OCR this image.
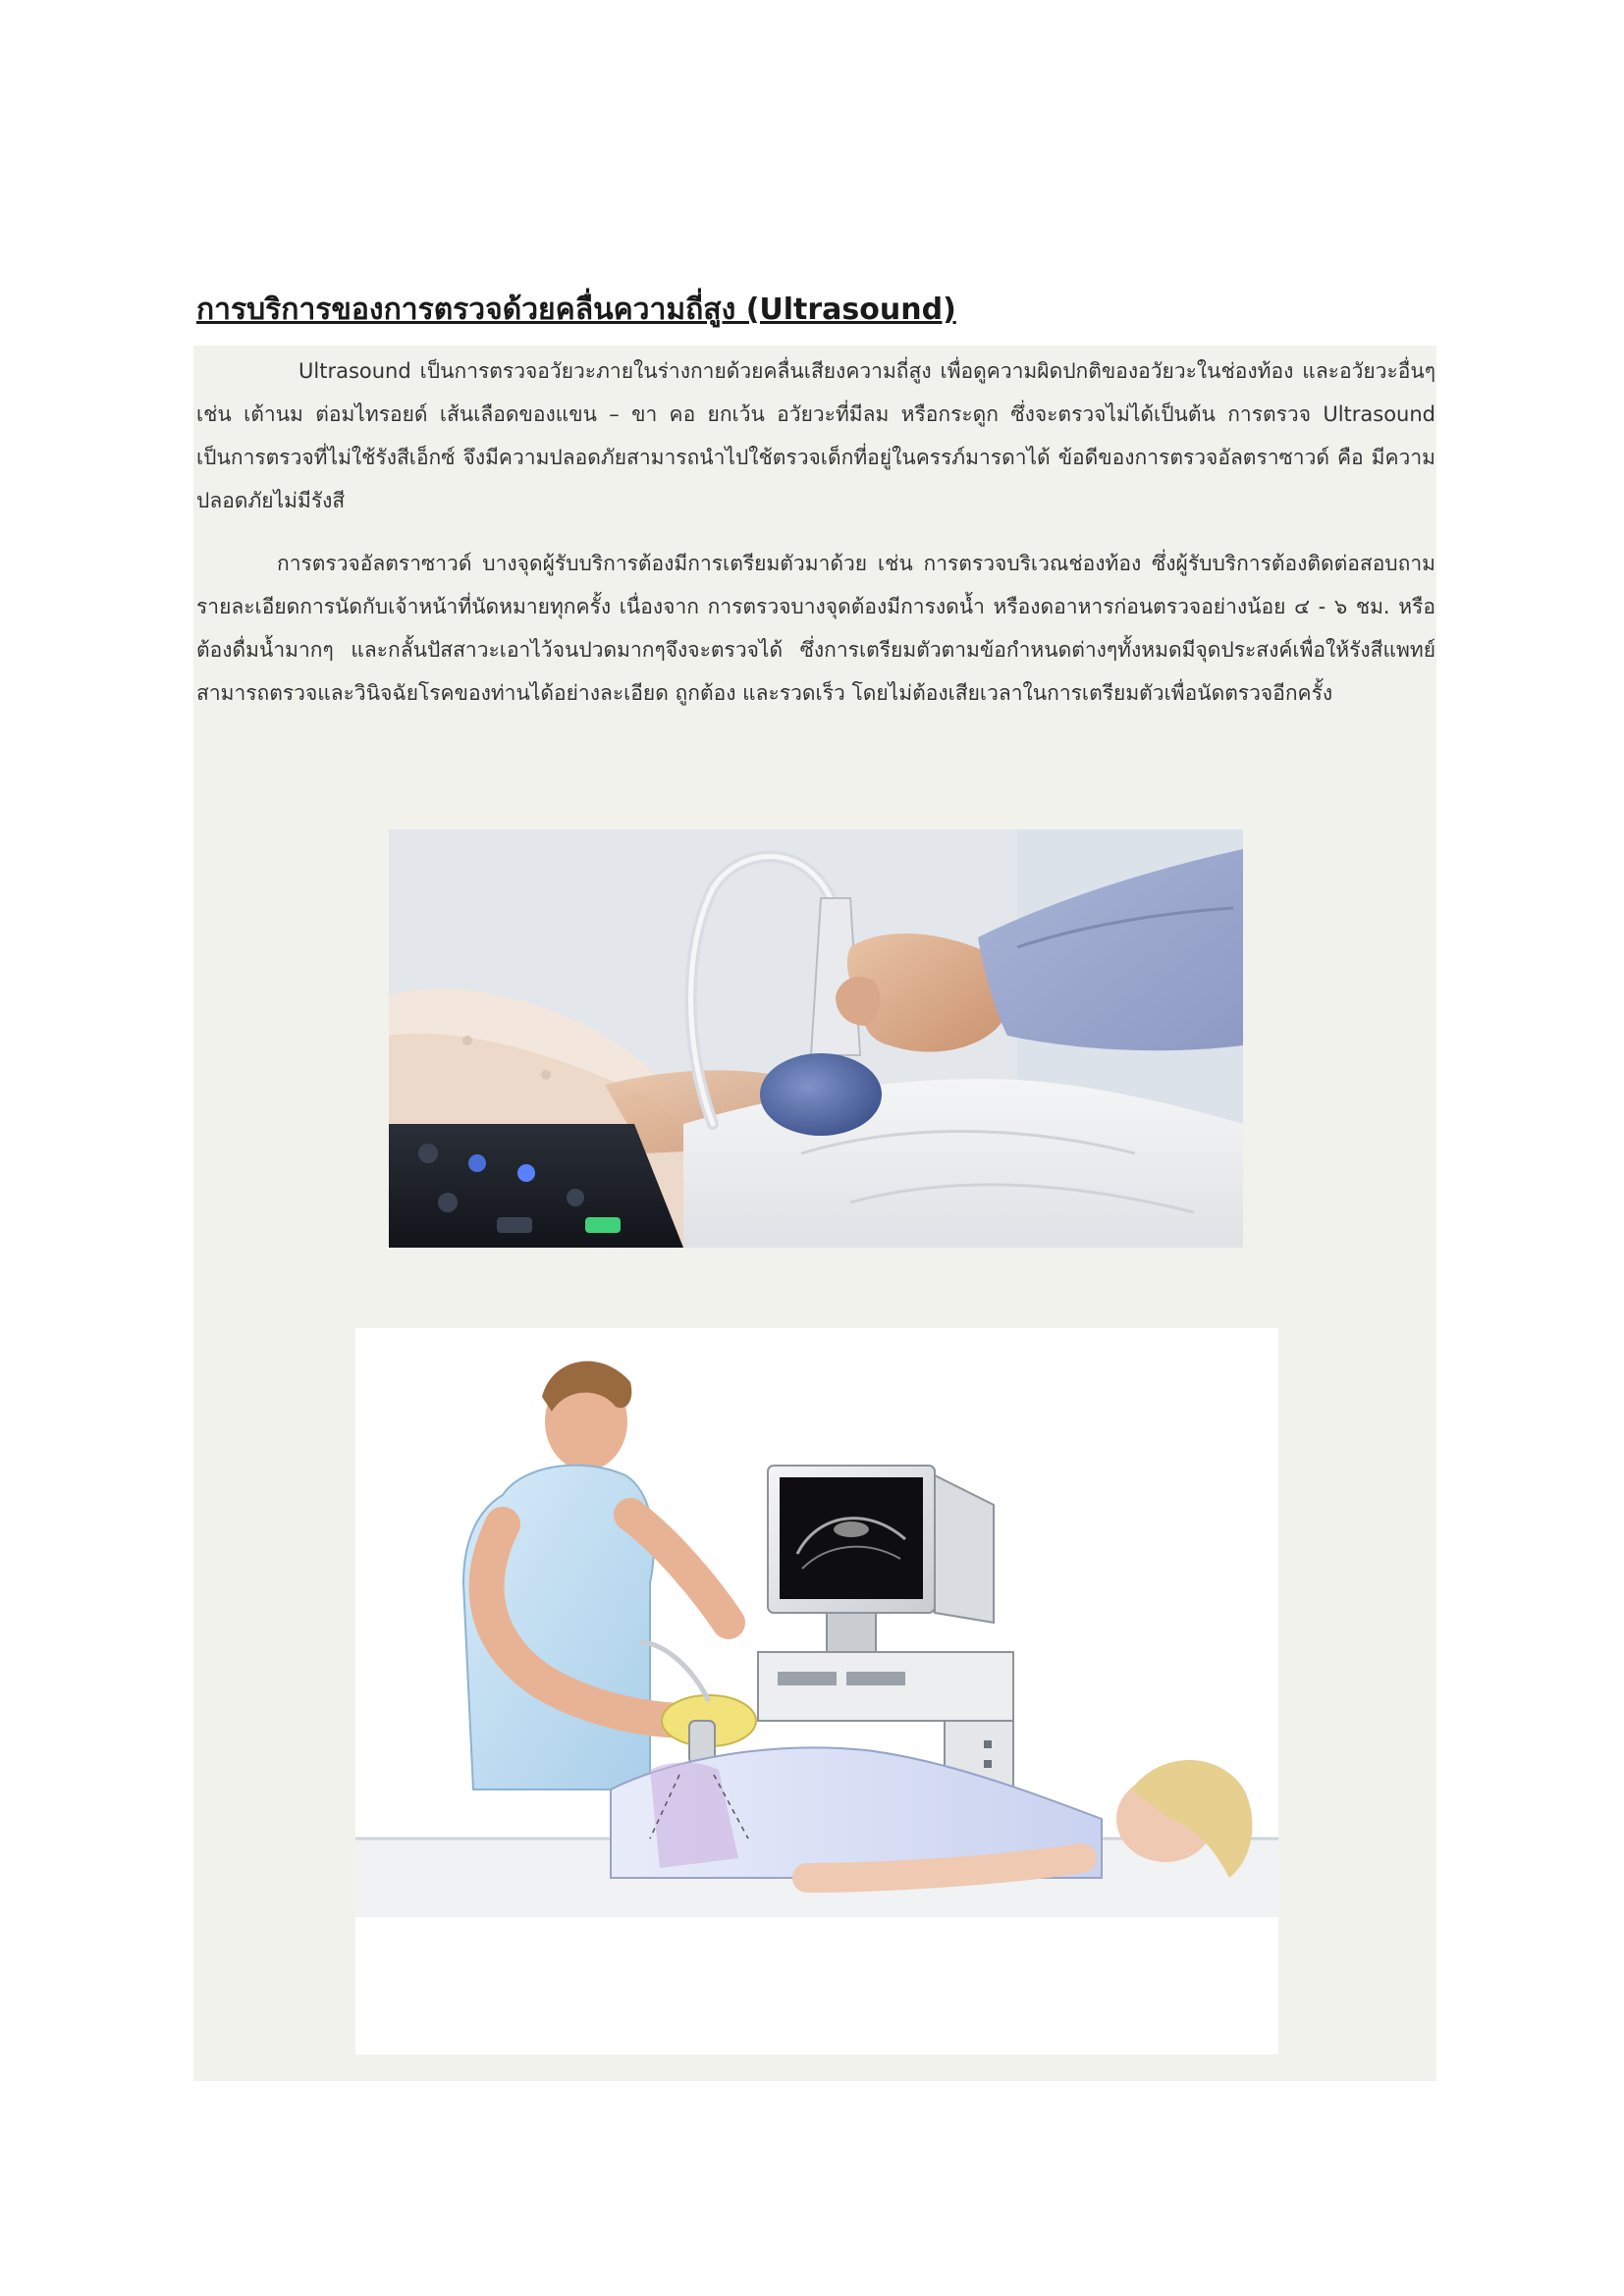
การบริการของการตรวจด้วยคลื่นความถี่สูง (Ultrasound)

Ultrasound เป็นการตรวจอวัยวะภายในร่างกายด้วยคลื่นเสียงความถี่สูง เพื่อดูความผิดปกติของอวัยวะในช่องท้อง และอวัยวะอื่นๆ เช่น เต้านม ต่อมไทรอยด์ เส้นเลือดของแขน – ขา คอ ยกเว้น อวัยวะที่มีลม หรือกระดูก ซึ่งจะตรวจไม่ได้เป็นต้น การตรวจ Ultrasound เป็นการตรวจที่ไม่ใช้รังสีเอ็กซ์ จึงมีความปลอดภัยสามารถนำไปใช้ตรวจเด็กที่อยู่ในครรภ์มารดาได้ ข้อดีของการตรวจอัลตราซาวด์ คือ มีความปลอดภัยไม่มีรังสี

การตรวจอัลตราซาวด์ บางจุดผู้รับบริการต้องมีการเตรียมตัวมาด้วย เช่น การตรวจบริเวณช่องท้อง ซึ่งผู้รับบริการต้องติดต่อสอบถามรายละเอียดการนัดกับเจ้าหน้าที่นัดหมายทุกครั้ง เนื่องจาก การตรวจบางจุดต้องมีการงดน้ำ หรืองดอาหารก่อนตรวจอย่างน้อย ๔ - ๖ ชม. หรือต้องดื่มน้ำมากๆ และกลั้นปัสสาวะเอาไว้จนปวดมากๆจึงจะตรวจได้ ซึ่งการเตรียมตัวตามข้อกำหนดต่างๆทั้งหมดมีจุดประสงค์เพื่อให้รังสีแพทย์สามารถตรวจและวินิจฉัยโรคของท่านได้อย่างละเอียด ถูกต้อง และรวดเร็ว โดยไม่ต้องเสียเวลาในการเตรียมตัวเพื่อนัดตรวจอีกครั้ง
